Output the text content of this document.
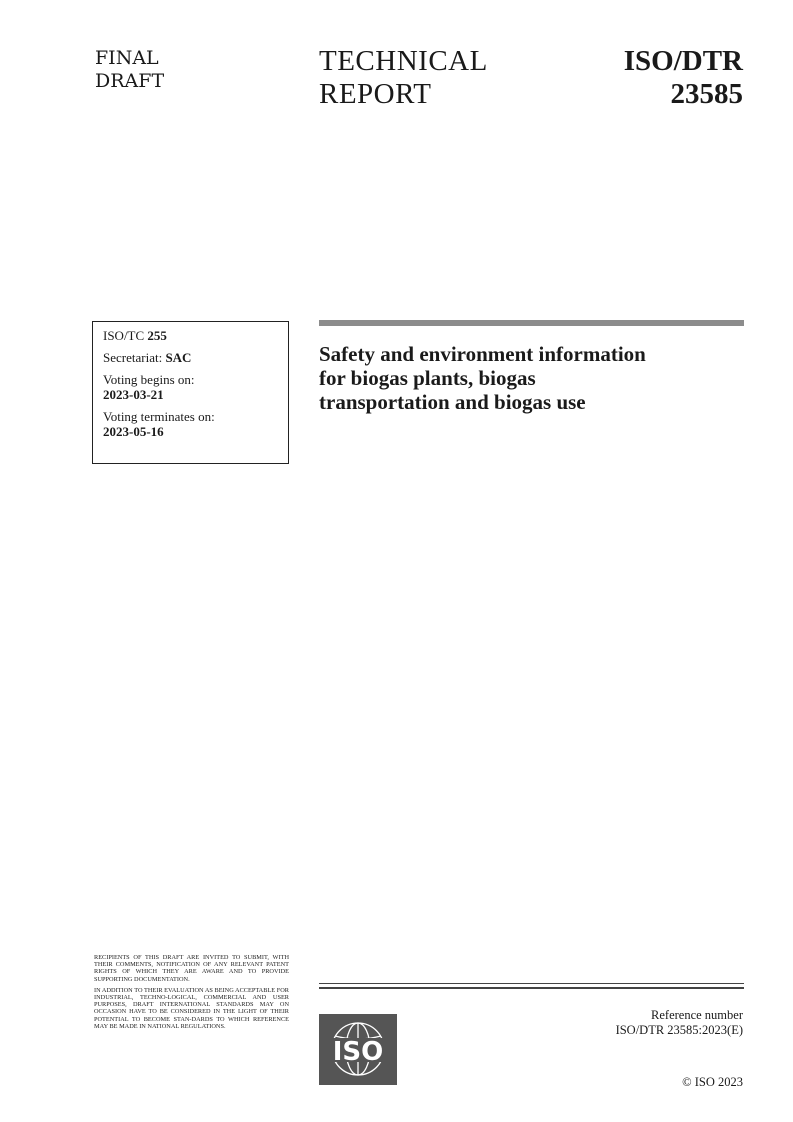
FINAL
DRAFT
TECHNICAL
REPORT
ISO/DTR
23585
ISO/TC 255
Secretariat: SAC
Voting begins on:
2023-03-21
Voting terminates on:
2023-05-16
Safety and environment information
for biogas plants, biogas
transportation and biogas use

RECIPIENTS OF THIS DRAFT ARE INVITED TO SUBMIT, WITH THEIR COMMENTS, NOTIFICATION OF ANY RELEVANT PATENT RIGHTS OF WHICH THEY ARE AWARE AND TO PROVIDE SUPPORTING DOCUMENTATION.

IN ADDITION TO THEIR EVALUATION AS BEING ACCEPTABLE FOR INDUSTRIAL, TECHNO-LOGICAL, COMMERCIAL AND USER PURPOSES, DRAFT INTERNATIONAL STANDARDS MAY ON OCCASION HAVE TO BE CONSIDERED IN THE LIGHT OF THEIR POTENTIAL TO BECOME STAN-DARDS TO WHICH REFERENCE MAY BE MADE IN NATIONAL REGULATIONS.

ISO
Reference number
ISO/DTR 23585:2023(E)
© ISO 2023
